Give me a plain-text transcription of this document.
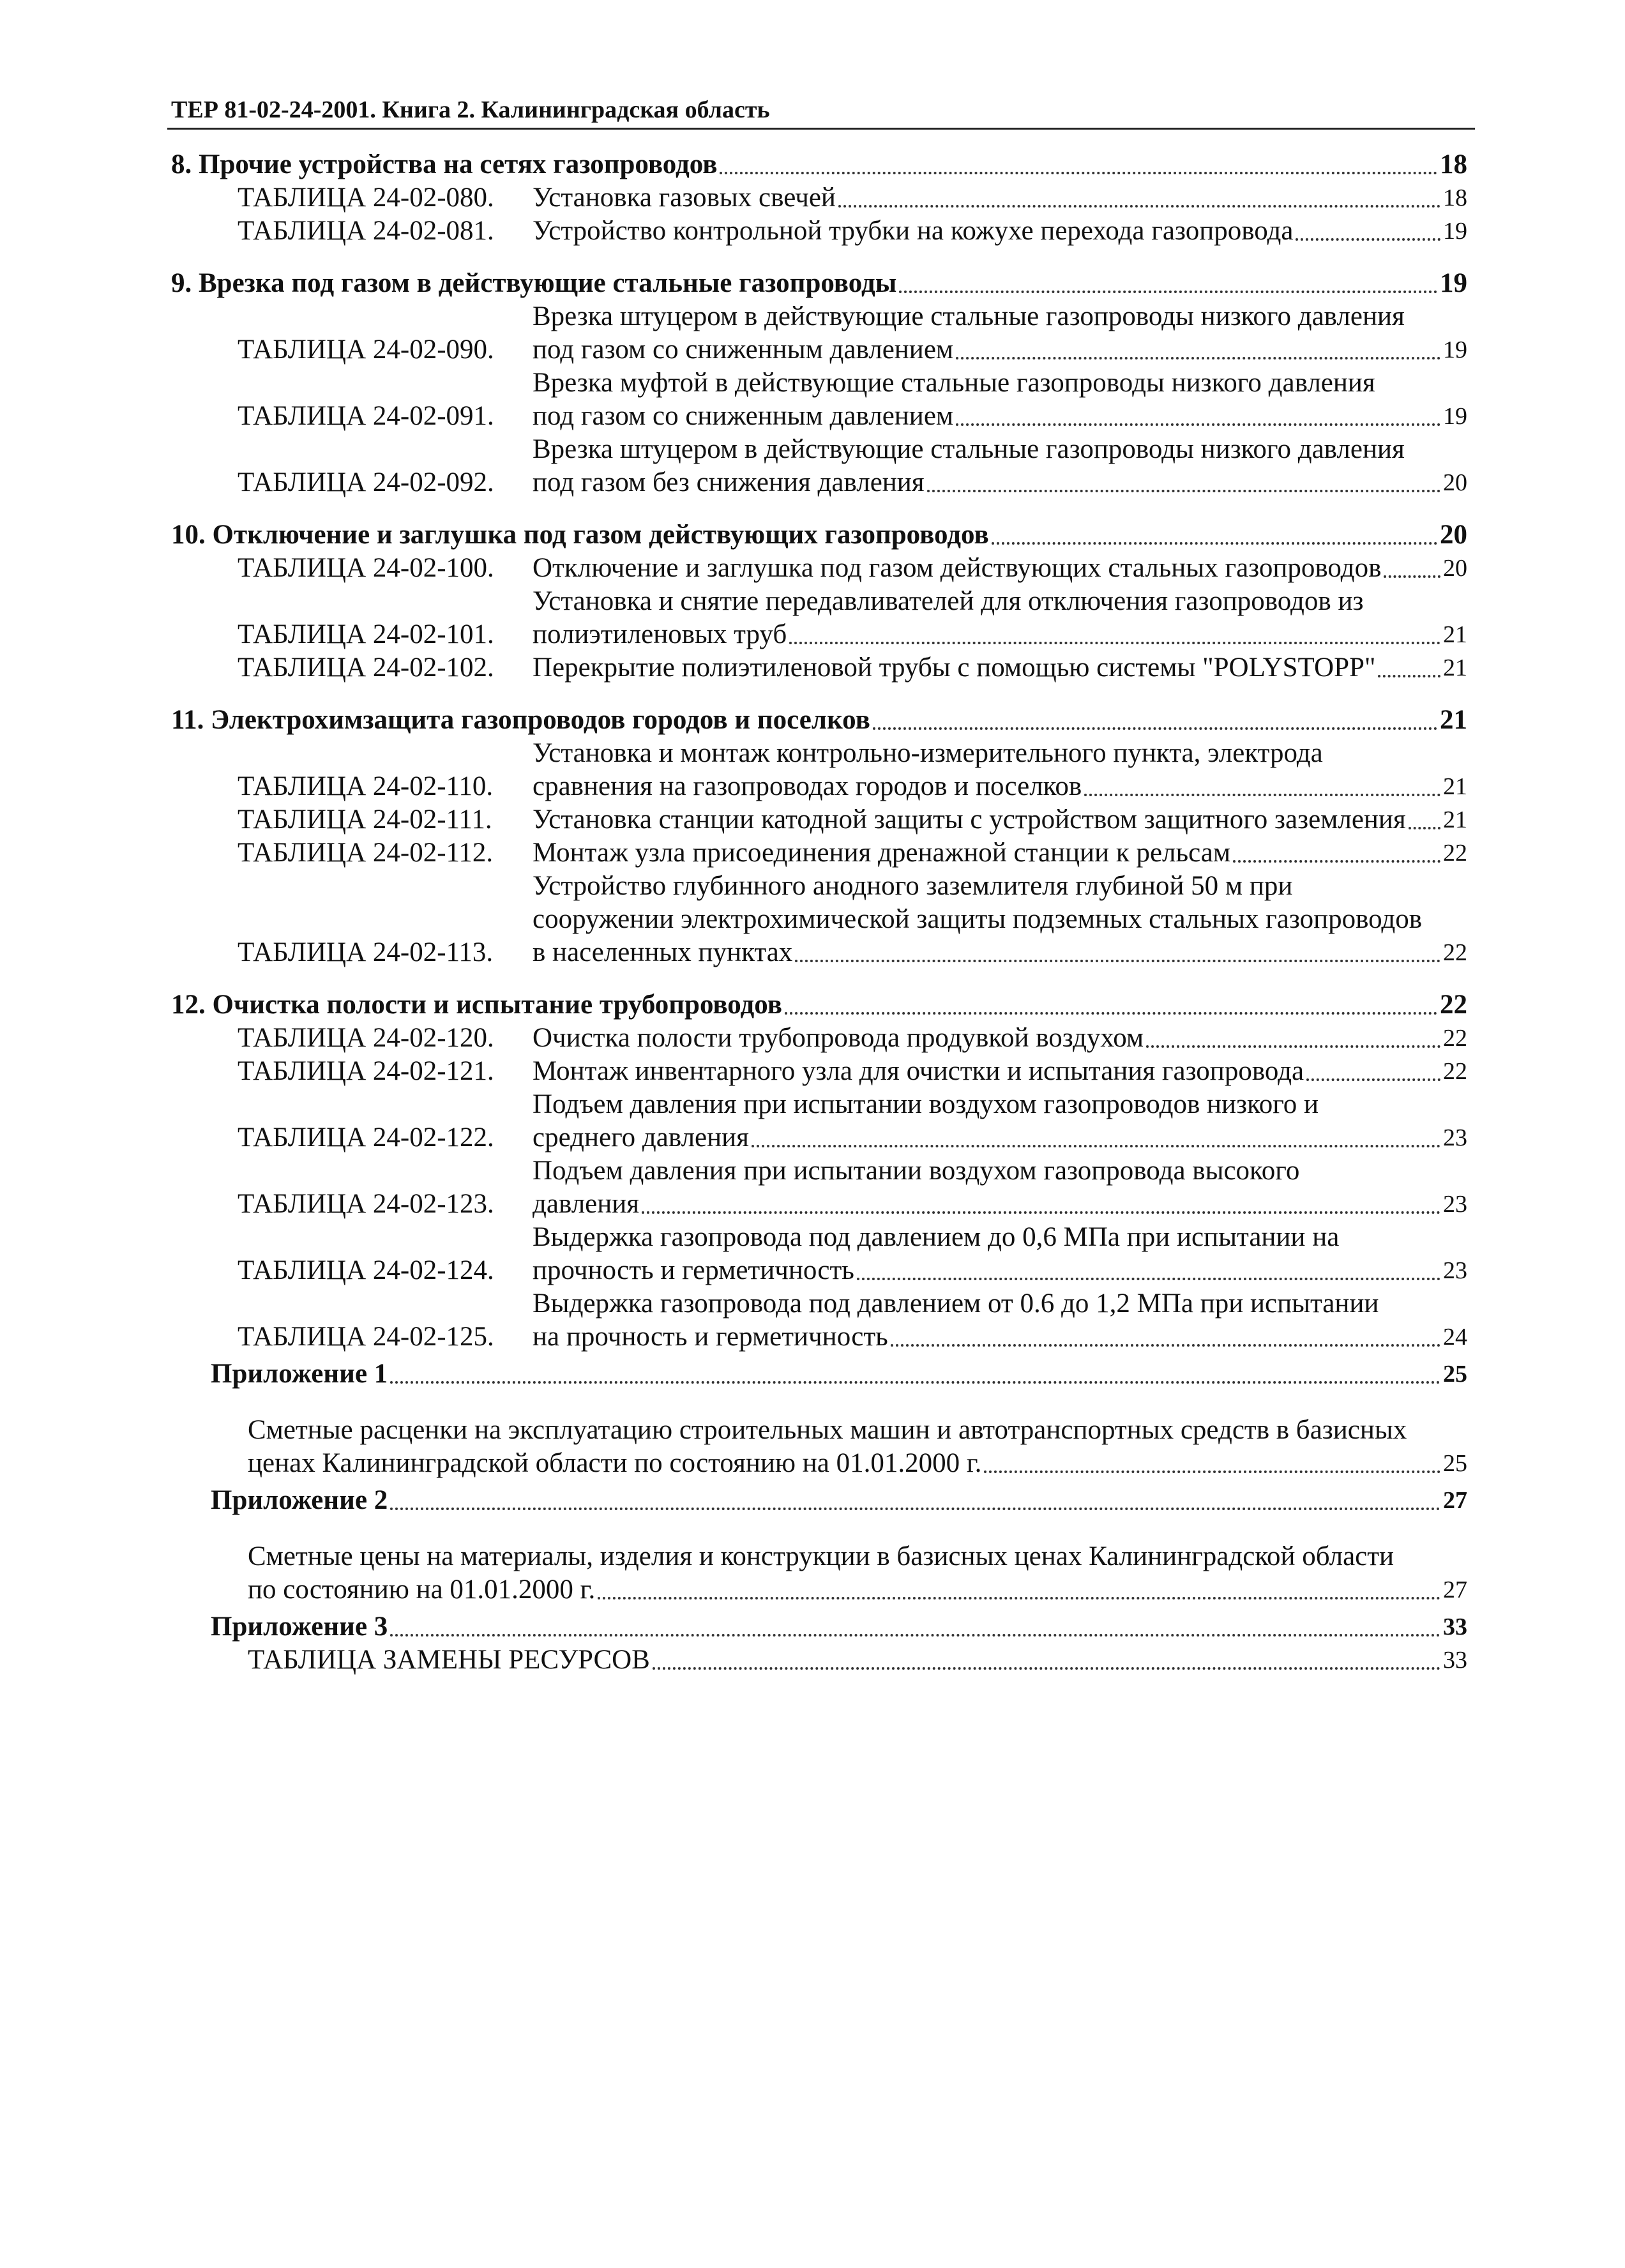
ТЕР 81-02-24-2001. Книга 2. Калининградская область
8. Прочие устройства на сетях газопроводов	18
ТАБЛИЦА 24-02-080.	Установка газовых свечей	18
ТАБЛИЦА 24-02-081.	Устройство контрольной трубки на кожухе перехода газопровода	19
9. Врезка под газом в действующие стальные газопроводы	19
ТАБЛИЦА 24-02-090.
Врезка штуцером в действующие стальные газопроводы низкого давления
под газом со сниженным давлением	19
ТАБЛИЦА 24-02-091.
Врезка муфтой в действующие стальные газопроводы низкого давления
под газом со сниженным давлением	19
ТАБЛИЦА 24-02-092.
Врезка штуцером в действующие стальные газопроводы низкого давления
под газом без снижения давления	20
10. Отключение и заглушка под газом действующих газопроводов	20
ТАБЛИЦА 24-02-100.	Отключение и заглушка под газом действующих стальных газопроводов	20
ТАБЛИЦА 24-02-101.
Установка и снятие передавливателей для отключения газопроводов из
полиэтиленовых труб	21
ТАБЛИЦА 24-02-102.	Перекрытие полиэтиленовой трубы с помощью системы "POLYSTOPP"	21
11. Электрохимзащита газопроводов городов и поселков	21
ТАБЛИЦА 24-02-110.
Установка и монтаж контрольно-измерительного пункта, электрода
сравнения на газопроводах городов и поселков	21
ТАБЛИЦА 24-02-111.	Установка станции катодной защиты с устройством защитного заземления 21
ТАБЛИЦА 24-02-112.	Монтаж узла присоединения дренажной станции к рельсам	22
ТАБЛИЦА 24-02-113.
Устройство глубинного анодного заземлителя глубиной 50 м при
сооружении электрохимической защиты подземных стальных газопроводов
в населенных пунктах	22
12. Очистка полости и испытание трубопроводов	22
ТАБЛИЦА 24-02-120.	Очистка полости трубопровода продувкой воздухом	22
ТАБЛИЦА 24-02-121.	Монтаж инвентарного узла для очистки и испытания газопровода	22
ТАБЛИЦА 24-02-122.
Подъем давления при испытании воздухом газопроводов низкого и
среднего давления	23
ТАБЛИЦА 24-02-123.
Подъем давления при испытании воздухом газопровода высокого
давления	23
ТАБЛИЦА 24-02-124.
Выдержка газопровода под давлением до 0,6 МПа при испытании на
прочность и герметичность	23
ТАБЛИЦА 24-02-125.
Выдержка газопровода под давлением от 0.6 до 1,2 МПа при испытании
на прочность и герметичность	24
Приложение 1	25
Сметные расценки на эксплуатацию строительных машин и автотранспортных средств в базисных
ценах Калининградской области по состоянию на 01.01.2000 г.	25
Приложение 2	27
Сметные цены на материалы, изделия и конструкции в базисных ценах Калининградской области
по состоянию на 01.01.2000 г.	27
Приложение 3	33
ТАБЛИЦА ЗАМЕНЫ РЕСУРСОВ	33
